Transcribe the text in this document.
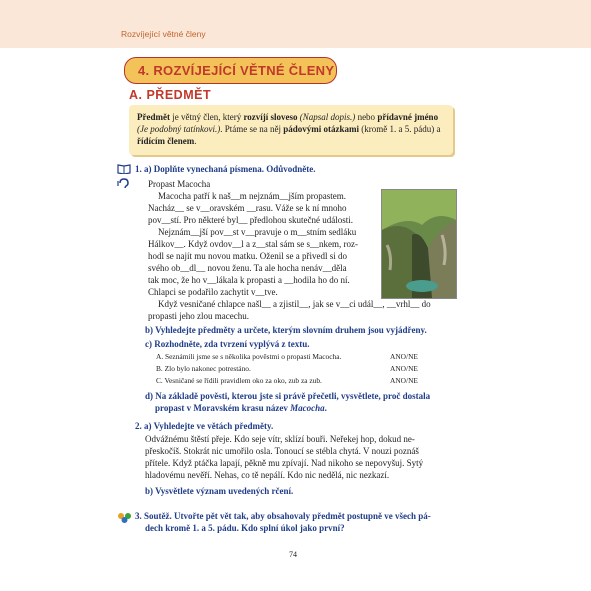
Rozvíjející větné členy
4. ROZVÍJEJÍCÍ VĚTNÉ ČLENY
A. PŘEDMĚT

Předmět je větný člen, který rozvíjí sloveso (Napsal dopis.) nebo přídavné jméno (Je podobný tatínkovi.). Ptáme se na něj pádovými otázkami (kromě 1. a 5. pádu) a řídícím členem.

1. a) Doplňte vynechaná písmena. Odůvodněte.
Propast Macocha
Macocha patří k naš__m nejznám__jším propastem.
Nacház__ se v__oravském __rasu. Váže se k ní mnoho
pov__stí. Pro některé byl__ předlohou skutečné události.
Nejznám__jší pov__st v__pravuje o m__stním sedláku
Hálkov__. Když ovdov__l a z__stal sám se s__nkem, roz-
hodl se najít mu novou matku. Oženil se a přivedl si do
svého ob__dl__ novou ženu. Ta ale hocha nenáv__děla
tak moc, že ho v__lákala k propasti a __hodila ho do ní.
Chlapci se podařilo zachytit v__tve.
Když vesničané chlapce našl__ a zjistil__, jak se v__ci udál__, __vrhl__ do
propasti jeho zlou macechu.
b) Vyhledejte předměty a určete, kterým slovním druhem jsou vyjádřeny.
c) Rozhodněte, zda tvrzení vyplývá z textu.
A. Seznámili jsme se s několika pověstmi o propasti Macocha.	ANO/NE
B. Zlo bylo nakonec potrestáno.	ANO/NE
C. Vesničané se řídili pravidlem oko za oko, zub za zub.	ANO/NE
d) Na základě pověsti, kterou jste si právě přečetli, vysvětlete, proč dostala
propast v Moravském krasu název Macocha.
2. a) Vyhledejte ve větách předměty.
Odvážnému štěstí přeje. Kdo seje vítr, sklízí bouři. Neřekej hop, dokud ne-
přeskočíš. Stokrát nic umořilo osla. Tonoucí se stébla chytá. V nouzi poznáš
přítele. Když ptáčka lapají, pěkně mu zpívají. Nad nikoho se nepovyšuj. Sytý
hladovému nevěří. Nehas, co tě nepálí. Kdo nic nedělá, nic nezkazí.
b) Vysvětlete význam uvedených rčení.
3. Soutěž. Utvořte pět vět tak, aby obsahovaly předmět postupně ve všech pá-
dech kromě 1. a 5. pádu. Kdo splní úkol jako první?
74
